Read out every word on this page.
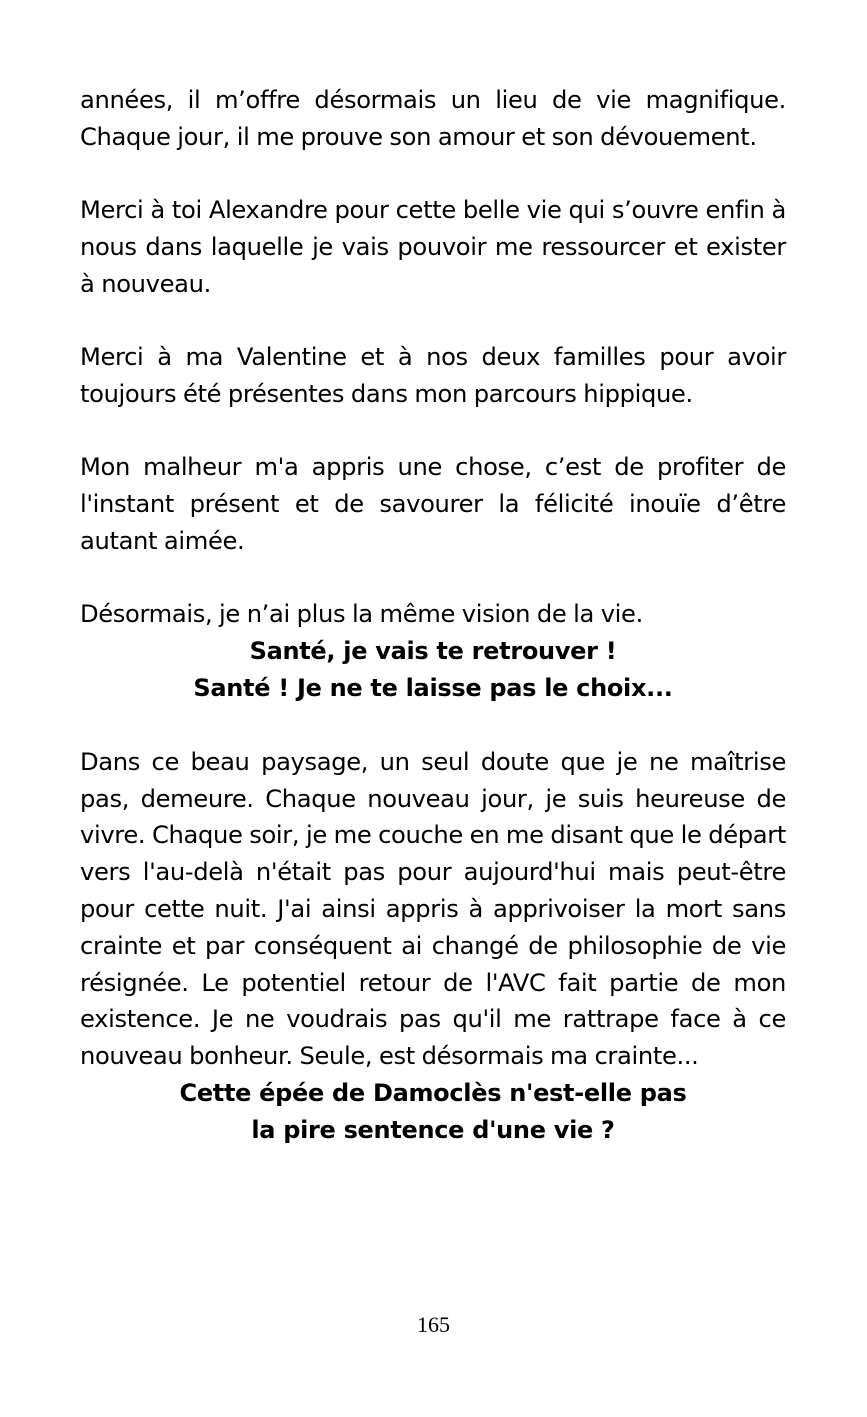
années, il m’offre désormais un lieu de vie magnifique. Chaque jour, il me prouve son amour et son dévouement.

Merci à toi Alexandre pour cette belle vie qui s’ouvre enfin à nous dans laquelle je vais pouvoir me ressourcer et exister à nouveau.

Merci à ma Valentine et à nos deux familles pour avoir toujours été présentes dans mon parcours hippique.

Mon malheur m'a appris une chose, c’est de profiter de l'instant présent et de savourer la félicité inouïe d’être autant aimée.

Désormais, je n’ai plus la même vision de la vie.

Santé, je vais te retrouver !
Santé ! Je ne te laisse pas le choix...

Dans ce beau paysage, un seul doute que je ne maîtrise pas, demeure. Chaque nouveau jour, je suis heureuse de vivre. Chaque soir, je me couche en me disant que le départ vers l'au-delà n'était pas pour aujourd'hui mais peut-être pour cette nuit. J'ai ainsi appris à apprivoiser la mort sans crainte et par conséquent ai changé de philosophie de vie résignée. Le potentiel retour de l'AVC fait partie de mon existence. Je ne voudrais pas qu'il me rattrape face à ce nouveau bonheur. Seule, est désormais ma crainte...

Cette épée de Damoclès n'est-elle pas
la pire sentence d'une vie ?
165
